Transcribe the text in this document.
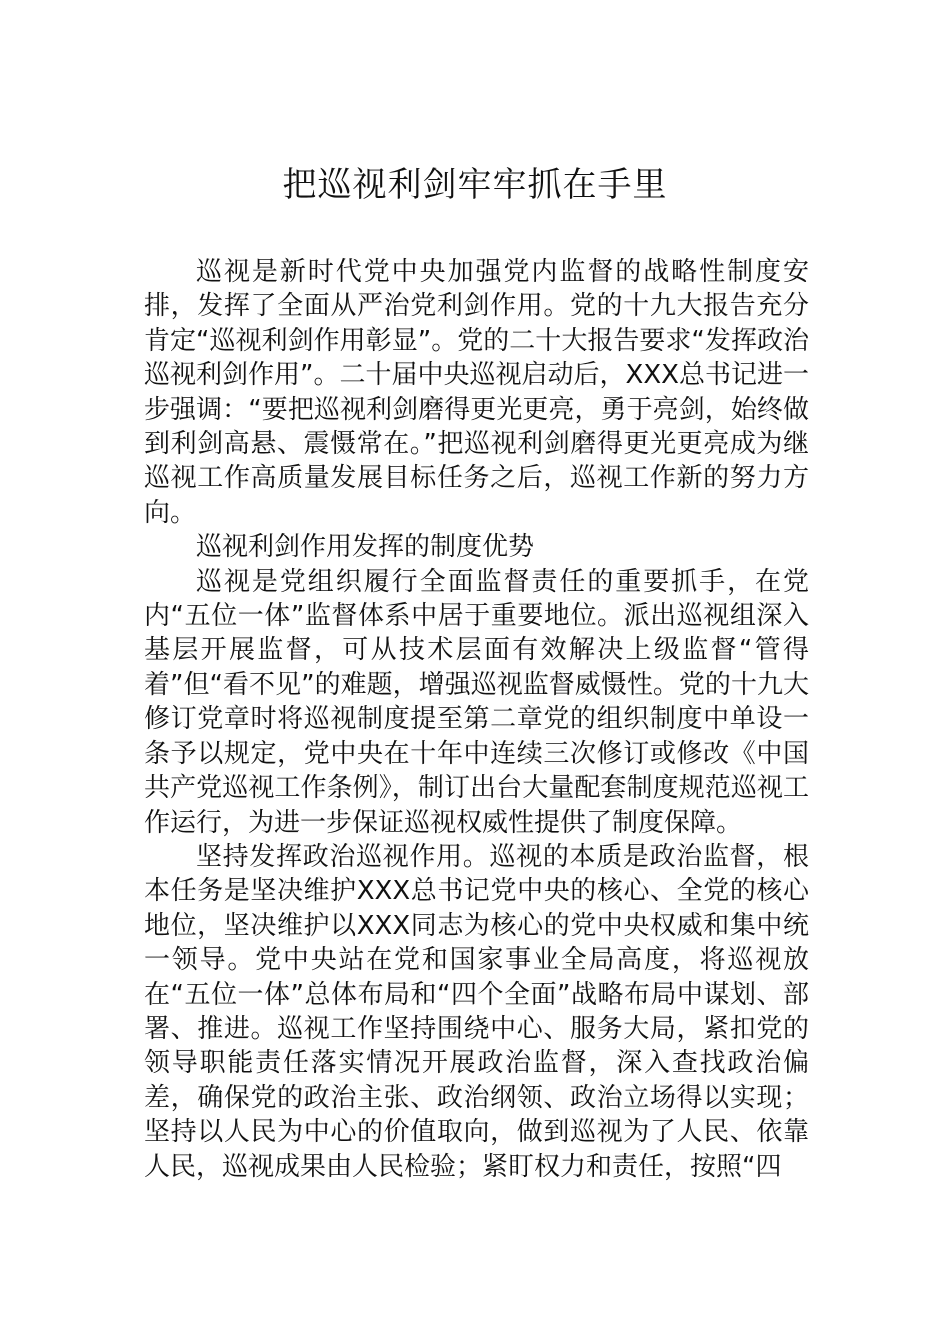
把巡视利剑牢牢抓在手里

巡视是新时代党中央加强党内监督的战略性制度安排，发挥了全面从严治党利剑作用。党的十九大报告充分肯定“巡视利剑作用彰显”。党的二十大报告要求“发挥政治巡视利剑作用”。二十届中央巡视启动后，XXX总书记进一步强调：“要把巡视利剑磨得更光更亮，勇于亮剑，始终做到利剑高悬、震慑常在。”把巡视利剑磨得更光更亮成为继巡视工作高质量发展目标任务之后，巡视工作新的努力方向。

巡视利剑作用发挥的制度优势

巡视是党组织履行全面监督责任的重要抓手，在党内“五位一体”监督体系中居于重要地位。派出巡视组深入基层开展监督，可从技术层面有效解决上级监督“管得着”但“看不见”的难题，增强巡视监督威慑性。党的十九大修订党章时将巡视制度提至第二章党的组织制度中单设一条予以规定，党中央在十年中连续三次修订或修改《中国共产党巡视工作条例》，制订出台大量配套制度规范巡视工作运行，为进一步保证巡视权威性提供了制度保障。

坚持发挥政治巡视作用。巡视的本质是政治监督，根本任务是坚决维护XXX总书记党中央的核心、全党的核心地位，坚决维护以XXX同志为核心的党中央权威和集中统一领导。党中央站在党和国家事业全局高度，将巡视放在“五位一体”总体布局和“四个全面”战略布局中谋划、部署、推进。巡视工作坚持围绕中心、服务大局，紧扣党的领导职能责任落实情况开展政治监督，深入查找政治偏差，确保党的政治主张、政治纲领、政治立场得以实现；坚持以人民为中心的价值取向，做到巡视为了人民、依靠人民，巡视成果由人民检验；紧盯权力和责任，按照“四
